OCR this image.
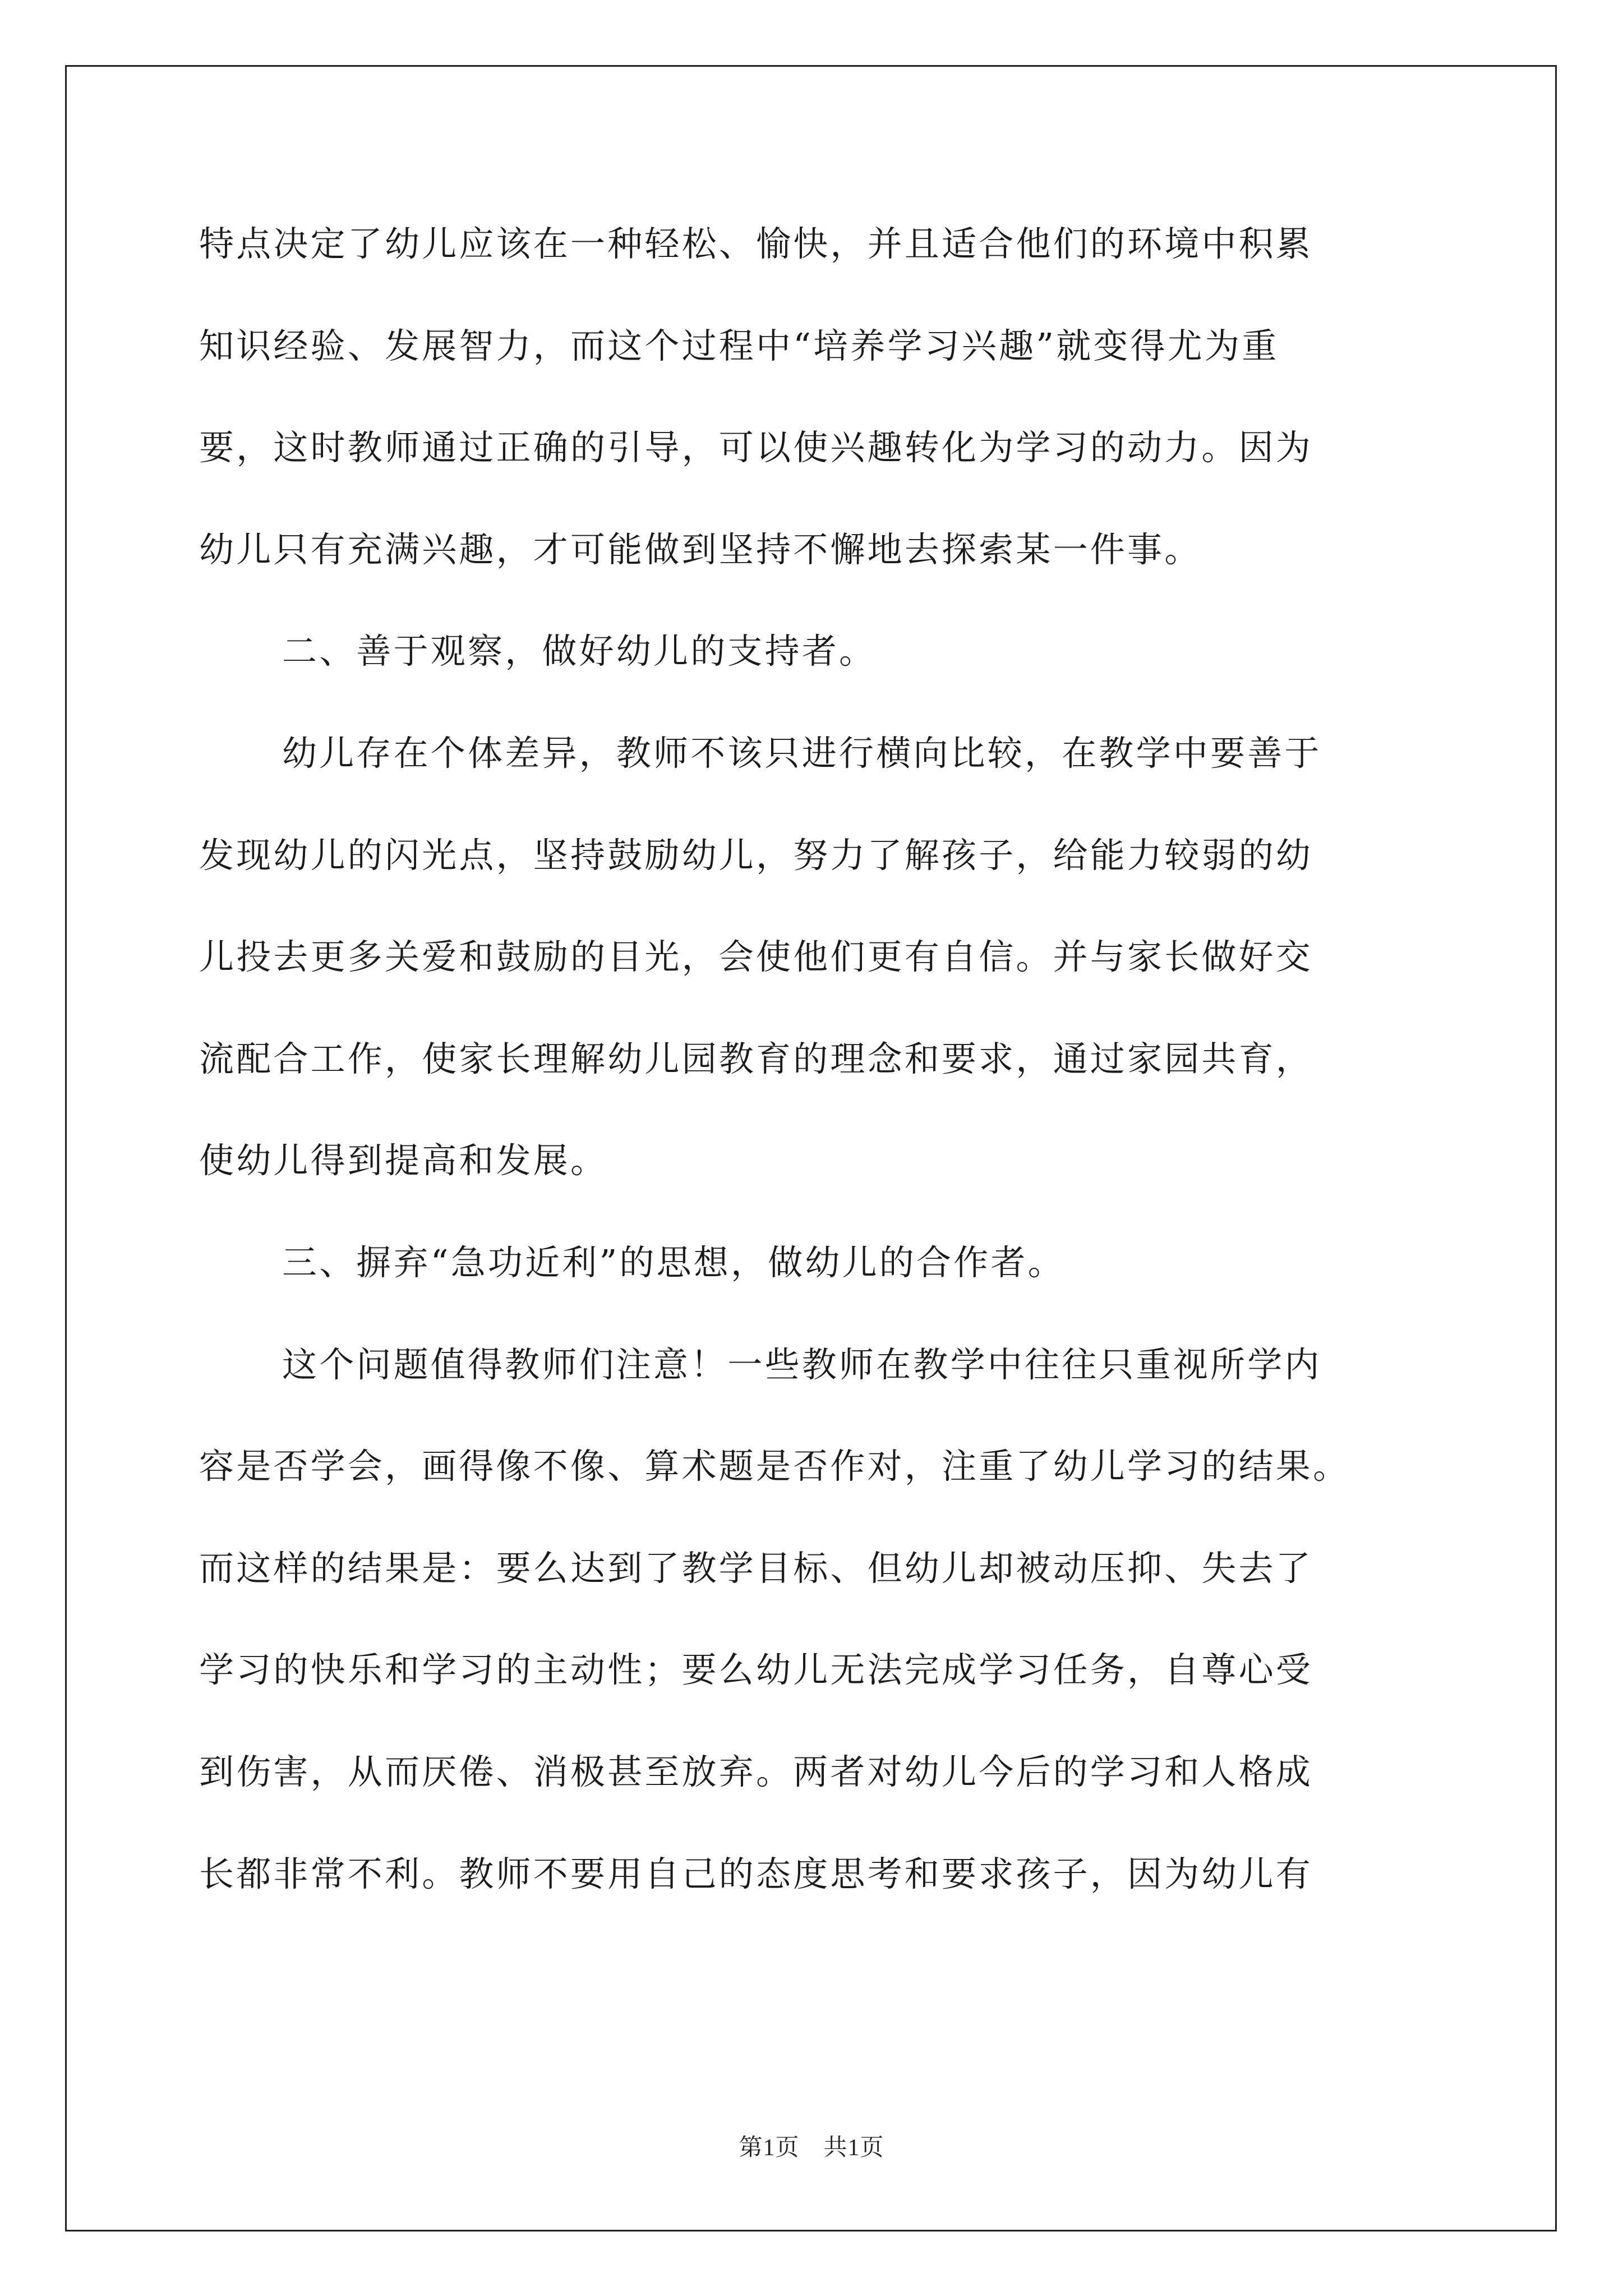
特点决定了幼儿应该在一种轻松、愉快，并且适合他们的环境中积累
知识经验、发展智力，而这个过程中“培养学习兴趣”就变得尤为重
要，这时教师通过正确的引导，可以使兴趣转化为学习的动力。因为
幼儿只有充满兴趣，才可能做到坚持不懈地去探索某一件事。
二、善于观察，做好幼儿的支持者。
幼儿存在个体差异，教师不该只进行横向比较，在教学中要善于
发现幼儿的闪光点，坚持鼓励幼儿，努力了解孩子，给能力较弱的幼
儿投去更多关爱和鼓励的目光，会使他们更有自信。并与家长做好交
流配合工作，使家长理解幼儿园教育的理念和要求，通过家园共育，
使幼儿得到提高和发展。
三、摒弃“急功近利”的思想，做幼儿的合作者。
这个问题值得教师们注意！一些教师在教学中往往只重视所学内
容是否学会，画得像不像、算术题是否作对，注重了幼儿学习的结果。
而这样的结果是：要么达到了教学目标、但幼儿却被动压抑、失去了
学习的快乐和学习的主动性；要么幼儿无法完成学习任务，自尊心受
到伤害，从而厌倦、消极甚至放弃。两者对幼儿今后的学习和人格成
长都非常不利。教师不要用自己的态度思考和要求孩子，因为幼儿有
第1页　共1页
